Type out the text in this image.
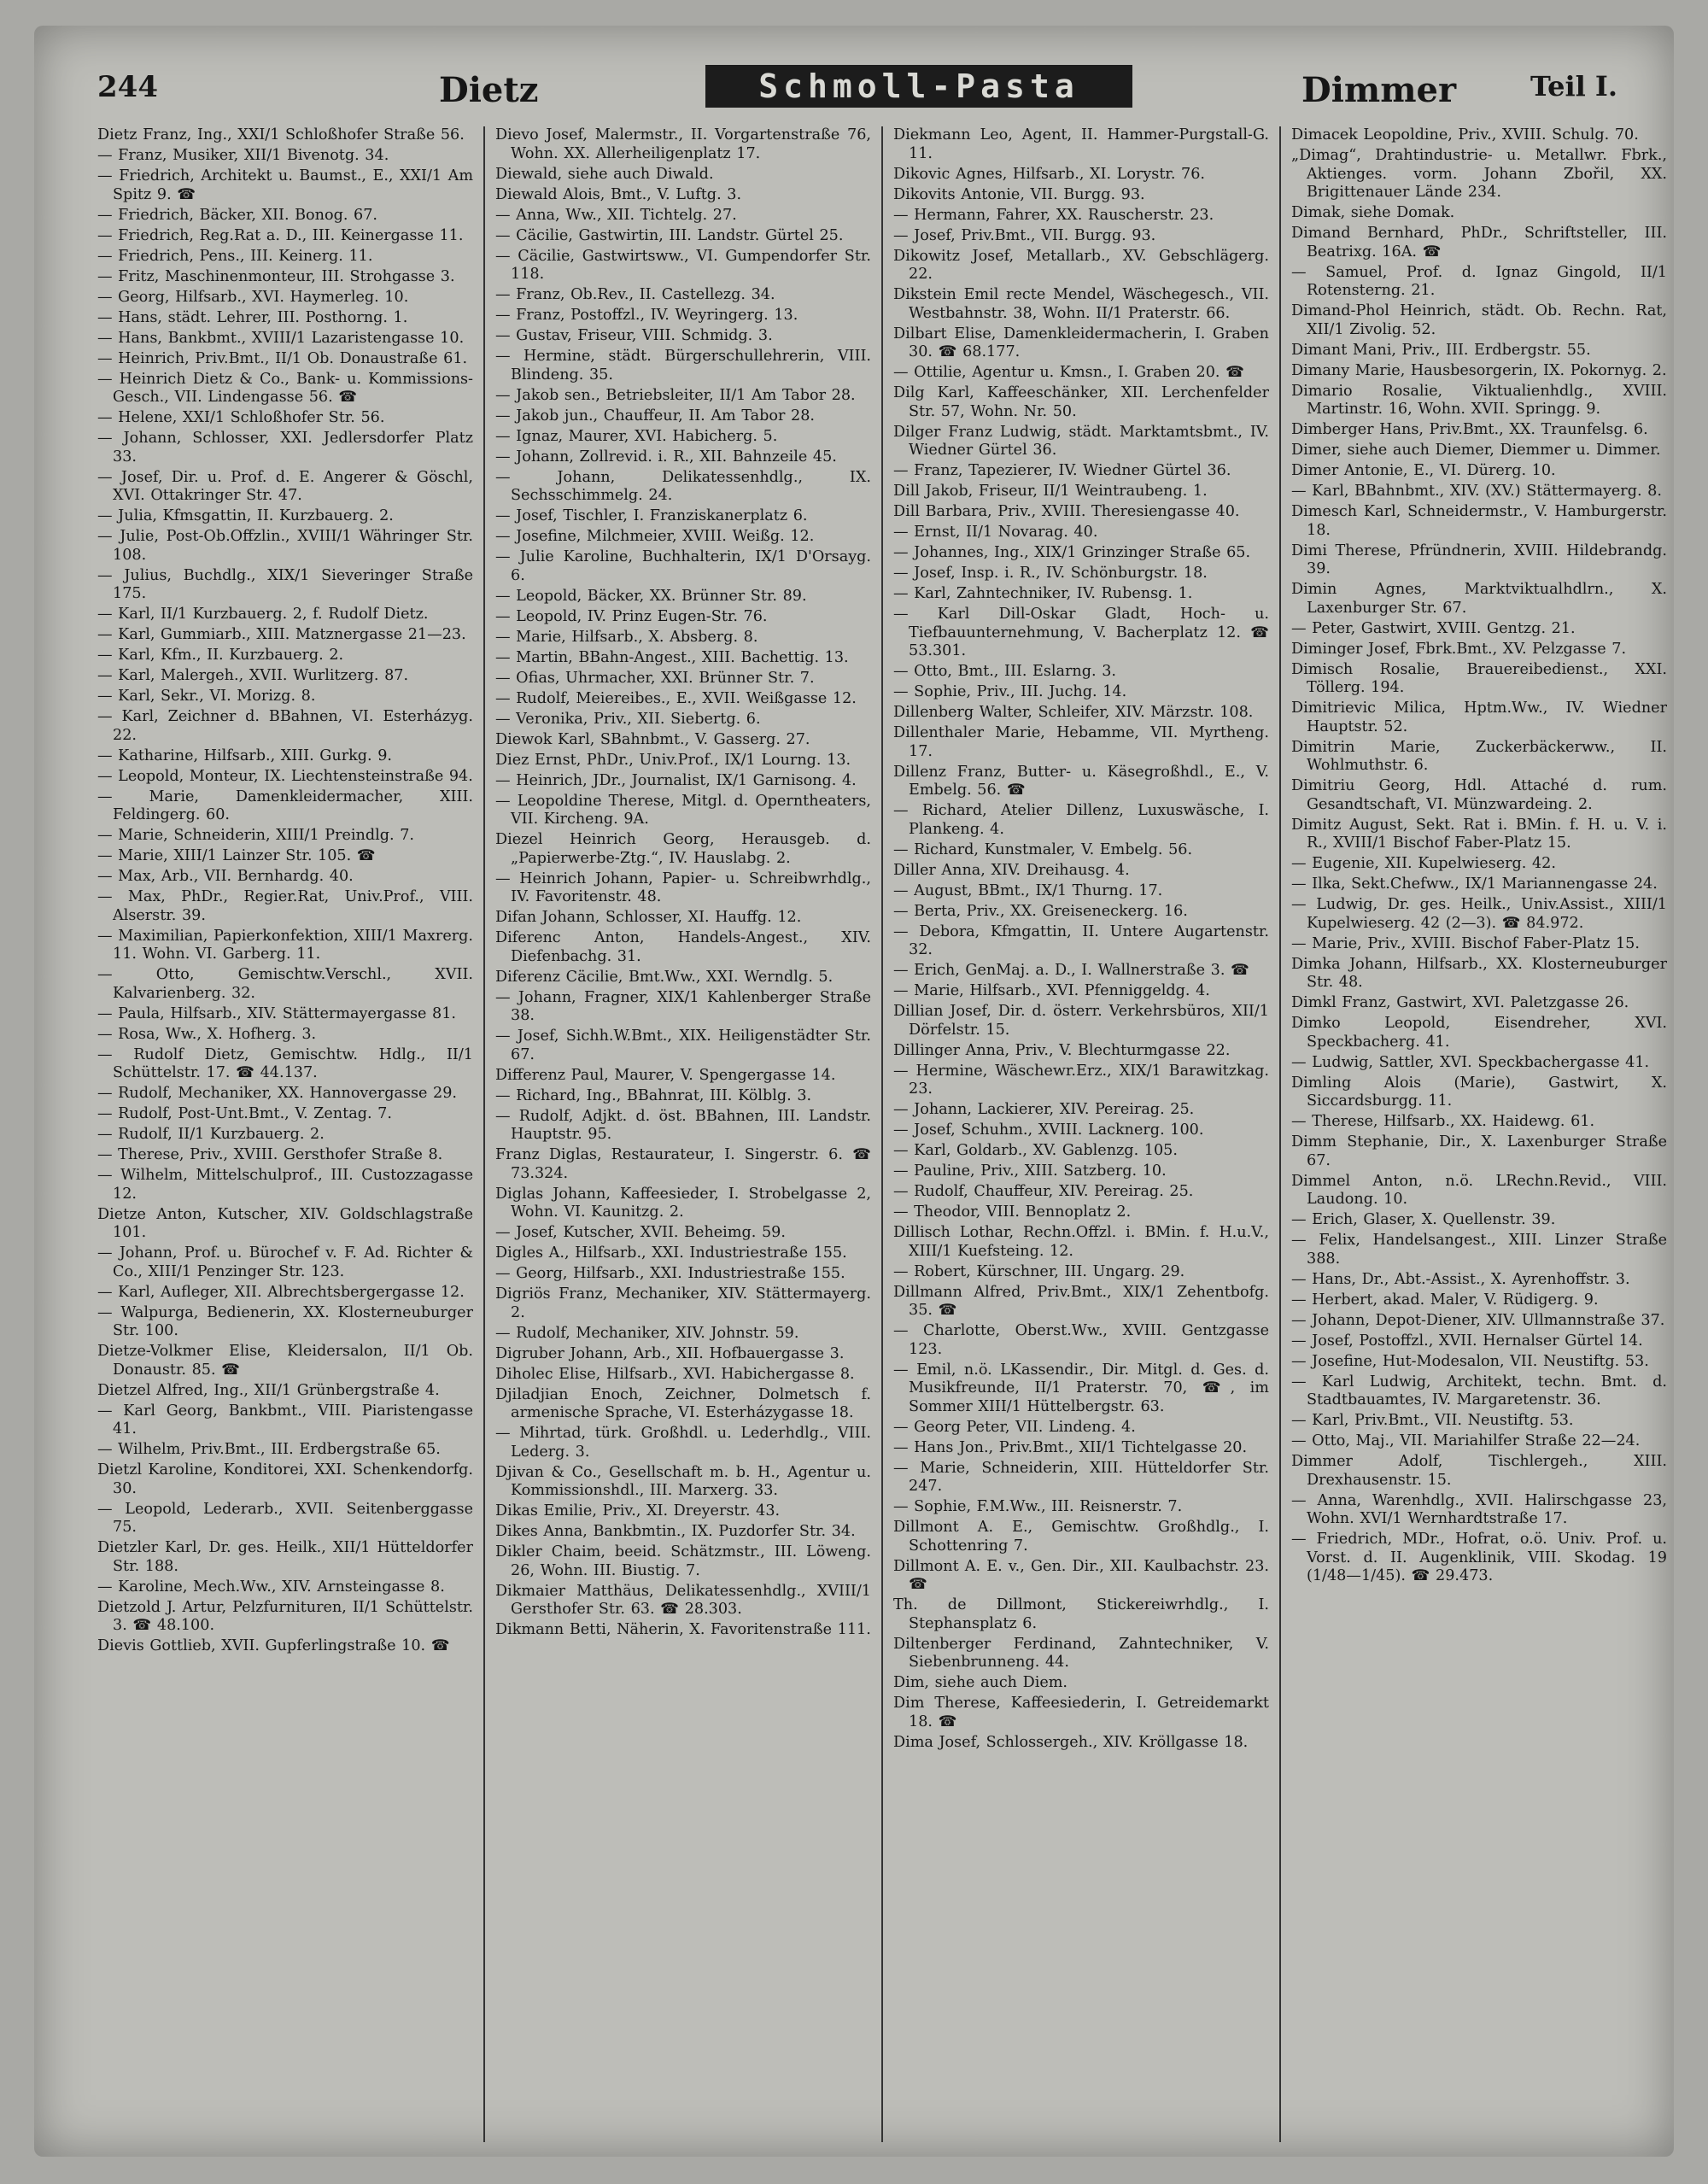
244	Dietz	Schmoll-Pasta	Dimmer	Teil I.
Dietz Franz, Ing., XXI/1 Schloßhofer Straße 56.
— Franz, Musiker, XII/1 Bivenotg. 34.
— Friedrich, Architekt u. Baumst., E., XXI/1 Am Spitz 9. ☎
— Friedrich, Bäcker, XII. Bonog. 67.
— Friedrich, Reg.Rat a. D., III. Keinergasse 11.
— Friedrich, Pens., III. Keinerg. 11.
— Fritz, Maschinenmonteur, III. Strohgasse 3.
— Georg, Hilfsarb., XVI. Haymerleg. 10.
— Hans, städt. Lehrer, III. Posthorng. 1.
— Hans, Bankbmt., XVIII/1 Lazaristengasse 10.
— Heinrich, Priv.Bmt., II/1 Ob. Donaustraße 61.
— Heinrich Dietz & Co., Bank- u. Kommissions-Gesch., VII. Lindengasse 56. ☎
— Helene, XXI/1 Schloßhofer Str. 56.
— Johann, Schlosser, XXI. Jedlersdorfer Platz 33.
— Josef, Dir. u. Prof. d. E. Angerer & Göschl, XVI. Ottakringer Str. 47.
— Julia, Kfmsgattin, II. Kurzbauerg. 2.
— Julie, Post-Ob.Offzlin., XVIII/1 Währinger Str. 108.
— Julius, Buchdlg., XIX/1 Sieveringer Straße 175.
— Karl, II/1 Kurzbauerg. 2, f. Rudolf Dietz.
— Karl, Gummiarb., XIII. Matznergasse 21—23.
— Karl, Kfm., II. Kurzbauerg. 2.
— Karl, Malergeh., XVII. Wurlitzerg. 87.
— Karl, Sekr., VI. Morizg. 8.
— Karl, Zeichner d. BBahnen, VI. Esterházyg. 22.
— Katharine, Hilfsarb., XIII. Gurkg. 9.
— Leopold, Monteur, IX. Liechtensteinstraße 94.
— Marie, Damenkleidermacher, XIII. Feldingerg. 60.
— Marie, Schneiderin, XIII/1 Preindlg. 7.
— Marie, XIII/1 Lainzer Str. 105. ☎
— Max, Arb., VII. Bernhardg. 40.
— Max, PhDr., Regier.Rat, Univ.Prof., VIII. Alserstr. 39.
— Maximilian, Papierkonfektion, XIII/1 Maxrerg. 11. Wohn. VI. Garberg. 11.
— Otto, Gemischtw.Verschl., XVII. Kalvarienberg. 32.
— Paula, Hilfsarb., XIV. Stättermayergasse 81.
— Rosa, Ww., X. Hofherg. 3.
— Rudolf Dietz, Gemischtw. Hdlg., II/1 Schüttelstr. 17. ☎ 44.137.
— Rudolf, Mechaniker, XX. Hannovergasse 29.
— Rudolf, Post-Unt.Bmt., V. Zentag. 7.
— Rudolf, II/1 Kurzbauerg. 2.
— Therese, Priv., XVIII. Gersthofer Straße 8.
— Wilhelm, Mittelschulprof., III. Custozzagasse 12.
Dietze Anton, Kutscher, XIV. Goldschlagstraße 101.
— Johann, Prof. u. Bürochef v. F. Ad. Richter & Co., XIII/1 Penzinger Str. 123.
— Karl, Aufleger, XII. Albrechtsbergergasse 12.
— Walpurga, Bedienerin, XX. Klosterneuburger Str. 100.
Dietze-Volkmer Elise, Kleidersalon, II/1 Ob. Donaustr. 85. ☎
Dietzel Alfred, Ing., XII/1 Grünbergstraße 4.
— Karl Georg, Bankbmt., VIII. Piaristengasse 41.
— Wilhelm, Priv.Bmt., III. Erdbergstraße 65.
Dietzl Karoline, Konditorei, XXI. Schenkendorfg. 30.
— Leopold, Lederarb., XVII. Seitenberggasse 75.
Dietzler Karl, Dr. ges. Heilk., XII/1 Hütteldorfer Str. 188.
— Karoline, Mech.Ww., XIV. Arnsteingasse 8.
Dietzold J. Artur, Pelzfurnituren, II/1 Schüttelstr. 3. ☎ 48.100.
Dievis Gottlieb, XVII. Gupferlingstraße 10. ☎
Dievo Josef, Malermstr., II. Vorgartenstraße 76, Wohn. XX. Allerheiligenplatz 17.
Diewald, siehe auch Diwald.
Diewald Alois, Bmt., V. Luftg. 3.
— Anna, Ww., XII. Tichtelg. 27.
— Cäcilie, Gastwirtin, III. Landstr. Gürtel 25.
— Cäcilie, Gastwirtsww., VI. Gumpendorfer Str. 118.
— Franz, Ob.Rev., II. Castellezg. 34.
— Franz, Postoffzl., IV. Weyringerg. 13.
— Gustav, Friseur, VIII. Schmidg. 3.
— Hermine, städt. Bürgerschullehrerin, VIII. Blindeng. 35.
— Jakob sen., Betriebsleiter, II/1 Am Tabor 28.
— Jakob jun., Chauffeur, II. Am Tabor 28.
— Ignaz, Maurer, XVI. Habicherg. 5.
— Johann, Zollrevid. i. R., XII. Bahnzeile 45.
— Johann, Delikatessenhdlg., IX. Sechsschimmelg. 24.
— Josef, Tischler, I. Franziskanerplatz 6.
— Josefine, Milchmeier, XVIII. Weißg. 12.
— Julie Karoline, Buchhalterin, IX/1 D'Orsayg. 6.
— Leopold, Bäcker, XX. Brünner Str. 89.
— Leopold, IV. Prinz Eugen-Str. 76.
— Marie, Hilfsarb., X. Absberg. 8.
— Martin, BBahn-Angest., XIII. Bachettig. 13.
— Ofias, Uhrmacher, XXI. Brünner Str. 7.
— Rudolf, Meiereibes., E., XVII. Weißgasse 12.
— Veronika, Priv., XII. Siebertg. 6.
Diewok Karl, SBahnbmt., V. Gasserg. 27.
Diez Ernst, PhDr., Univ.Prof., IX/1 Lourng. 13.
— Heinrich, JDr., Journalist, IX/1 Garnisong. 4.
— Leopoldine Therese, Mitgl. d. Operntheaters, VII. Kircheng. 9A.
Diezel Heinrich Georg, Herausgeb. d. „Papierwerbe-Ztg.“, IV. Hauslabg. 2.
— Heinrich Johann, Papier- u. Schreibwrhdlg., IV. Favoritenstr. 48.
Difan Johann, Schlosser, XI. Hauffg. 12.
Diferenc Anton, Handels-Angest., XIV. Diefenbachg. 31.
Diferenz Cäcilie, Bmt.Ww., XXI. Werndlg. 5.
— Johann, Fragner, XIX/1 Kahlenberger Straße 38.
— Josef, Sichh.W.Bmt., XIX. Heiligenstädter Str. 67.
Differenz Paul, Maurer, V. Spengergasse 14.
— Richard, Ing., BBahnrat, III. Kölblg. 3.
— Rudolf, Adjkt. d. öst. BBahnen, III. Landstr. Hauptstr. 95.
Franz Diglas, Restaurateur, I. Singerstr. 6. ☎ 73.324.
Diglas Johann, Kaffeesieder, I. Strobelgasse 2, Wohn. VI. Kaunitzg. 2.
— Josef, Kutscher, XVII. Beheimg. 59.
Digles A., Hilfsarb., XXI. Industriestraße 155.
— Georg, Hilfsarb., XXI. Industriestraße 155.
Digriös Franz, Mechaniker, XIV. Stättermayerg. 2.
— Rudolf, Mechaniker, XIV. Johnstr. 59.
Digruber Johann, Arb., XII. Hofbauergasse 3.
Diholec Elise, Hilfsarb., XVI. Habichergasse 8.
Djiladjian Enoch, Zeichner, Dolmetsch f. armenische Sprache, VI. Esterházygasse 18.
— Mihrtad, türk. Großhdl. u. Lederhdlg., VIII. Lederg. 3.
Djivan & Co., Gesellschaft m. b. H., Agentur u. Kommissionshdl., III. Marxerg. 33.
Dikas Emilie, Priv., XI. Dreyerstr. 43.
Dikes Anna, Bankbmtin., IX. Puzdorfer Str. 34.
Dikler Chaim, beeid. Schätzmstr., III. Löweng. 26, Wohn. III. Biustig. 7.
Dikmaier Matthäus, Delikatessenhdlg., XVIII/1 Gersthofer Str. 63. ☎ 28.303.
Dikmann Betti, Näherin, X. Favoritenstraße 111.
Diekmann Leo, Agent, II. Hammer-Purgstall-G. 11.
Dikovic Agnes, Hilfsarb., XI. Lorystr. 76.
Dikovits Antonie, VII. Burgg. 93.
— Hermann, Fahrer, XX. Rauscherstr. 23.
— Josef, Priv.Bmt., VII. Burgg. 93.
Dikowitz Josef, Metallarb., XV. Gebschlägerg. 22.
Dikstein Emil recte Mendel, Wäschegesch., VII. Westbahnstr. 38, Wohn. II/1 Praterstr. 66.
Dilbart Elise, Damenkleidermacherin, I. Graben 30. ☎ 68.177.
— Ottilie, Agentur u. Kmsn., I. Graben 20. ☎
Dilg Karl, Kaffeeschänker, XII. Lerchenfelder Str. 57, Wohn. Nr. 50.
Dilger Franz Ludwig, städt. Marktamtsbmt., IV. Wiedner Gürtel 36.
— Franz, Tapezierer, IV. Wiedner Gürtel 36.
Dill Jakob, Friseur, II/1 Weintraubeng. 1.
Dill Barbara, Priv., XVIII. Theresiengasse 40.
— Ernst, II/1 Novarag. 40.
— Johannes, Ing., XIX/1 Grinzinger Straße 65.
— Josef, Insp. i. R., IV. Schönburgstr. 18.
— Karl, Zahntechniker, IV. Rubensg. 1.
— Karl Dill-Oskar Gladt, Hoch- u. Tiefbauunternehmung, V. Bacherplatz 12. ☎ 53.301.
— Otto, Bmt., III. Eslarng. 3.
— Sophie, Priv., III. Juchg. 14.
Dillenberg Walter, Schleifer, XIV. Märzstr. 108.
Dillenthaler Marie, Hebamme, VII. Myrtheng. 17.
Dillenz Franz, Butter- u. Käsegroßhdl., E., V. Embelg. 56. ☎
— Richard, Atelier Dillenz, Luxuswäsche, I. Plankeng. 4.
— Richard, Kunstmaler, V. Embelg. 56.
Diller Anna, XIV. Dreihausg. 4.
— August, BBmt., IX/1 Thurng. 17.
— Berta, Priv., XX. Greiseneckerg. 16.
— Debora, Kfmgattin, II. Untere Augartenstr. 32.
— Erich, GenMaj. a. D., I. Wallnerstraße 3. ☎
— Marie, Hilfsarb., XVI. Pfenniggeldg. 4.
Dillian Josef, Dir. d. österr. Verkehrsbüros, XII/1 Dörfelstr. 15.
Dillinger Anna, Priv., V. Blechturmgasse 22.
— Hermine, Wäschewr.Erz., XIX/1 Barawitzkag. 23.
— Johann, Lackierer, XIV. Pereirag. 25.
— Josef, Schuhm., XVIII. Lacknerg. 100.
— Karl, Goldarb., XV. Gablenzg. 105.
— Pauline, Priv., XIII. Satzberg. 10.
— Rudolf, Chauffeur, XIV. Pereirag. 25.
— Theodor, VIII. Bennoplatz 2.
Dillisch Lothar, Rechn.Offzl. i. BMin. f. H.u.V., XIII/1 Kuefsteing. 12.
— Robert, Kürschner, III. Ungarg. 29.
Dillmann Alfred, Priv.Bmt., XIX/1 Zehentbofg. 35. ☎
— Charlotte, Oberst.Ww., XVIII. Gentzgasse 123.
— Emil, n.ö. LKassendir., Dir. Mitgl. d. Ges. d. Musikfreunde, II/1 Praterstr. 70, ☎, im Sommer XIII/1 Hüttelbergstr. 63.
— Georg Peter, VII. Lindeng. 4.
— Hans Jon., Priv.Bmt., XII/1 Tichtelgasse 20.
— Marie, Schneiderin, XIII. Hütteldorfer Str. 247.
— Sophie, F.M.Ww., III. Reisnerstr. 7.
Dillmont A. E., Gemischtw. Großhdlg., I. Schottenring 7.
Dillmont A. E. v., Gen. Dir., XII. Kaulbachstr. 23. ☎
Th. de Dillmont, Stickereiwrhdlg., I. Stephansplatz 6.
Diltenberger Ferdinand, Zahntechniker, V. Siebenbrunneng. 44.
Dim, siehe auch Diem.
Dim Therese, Kaffeesiederin, I. Getreidemarkt 18. ☎
Dima Josef, Schlossergeh., XIV. Kröllgasse 18.
Dimacek Leopoldine, Priv., XVIII. Schulg. 70.
„Dimag“, Drahtindustrie- u. Metallwr. Fbrk., Aktienges. vorm. Johann Zbořil, XX. Brigittenauer Lände 234.
Dimak, siehe Domak.
Dimand Bernhard, PhDr., Schriftsteller, III. Beatrixg. 16A. ☎
— Samuel, Prof. d. Ignaz Gingold, II/1 Rotensterng. 21.
Dimand-Phol Heinrich, städt. Ob. Rechn. Rat, XII/1 Zivolig. 52.
Dimant Mani, Priv., III. Erdbergstr. 55.
Dimany Marie, Hausbesorgerin, IX. Pokornyg. 2.
Dimario Rosalie, Viktualienhdlg., XVIII. Martinstr. 16, Wohn. XVII. Springg. 9.
Dimberger Hans, Priv.Bmt., XX. Traunfelsg. 6.
Dimer, siehe auch Diemer, Diemmer u. Dimmer.
Dimer Antonie, E., VI. Dürerg. 10.
— Karl, BBahnbmt., XIV. (XV.) Stättermayerg. 8.
Dimesch Karl, Schneidermstr., V. Hamburgerstr. 18.
Dimi Therese, Pfründnerin, XVIII. Hildebrandg. 39.
Dimin Agnes, Marktviktualhdlrn., X. Laxenburger Str. 67.
— Peter, Gastwirt, XVIII. Gentzg. 21.
Diminger Josef, Fbrk.Bmt., XV. Pelzgasse 7.
Dimisch Rosalie, Brauereibedienst., XXI. Töllerg. 194.
Dimitrievic Milica, Hptm.Ww., IV. Wiedner Hauptstr. 52.
Dimitrin Marie, Zuckerbäckerww., II. Wohlmuthstr. 6.
Dimitriu Georg, Hdl. Attaché d. rum. Gesandtschaft, VI. Münzwardeing. 2.
Dimitz August, Sekt. Rat i. BMin. f. H. u. V. i. R., XVIII/1 Bischof Faber-Platz 15.
— Eugenie, XII. Kupelwieserg. 42.
— Ilka, Sekt.Chefww., IX/1 Mariannengasse 24.
— Ludwig, Dr. ges. Heilk., Univ.Assist., XIII/1 Kupelwieserg. 42 (2—3). ☎ 84.972.
— Marie, Priv., XVIII. Bischof Faber-Platz 15.
Dimka Johann, Hilfsarb., XX. Klosterneuburger Str. 48.
Dimkl Franz, Gastwirt, XVI. Paletzgasse 26.
Dimko Leopold, Eisendreher, XVI. Speckbacherg. 41.
— Ludwig, Sattler, XVI. Speckbachergasse 41.
Dimling Alois (Marie), Gastwirt, X. Siccardsburgg. 11.
— Therese, Hilfsarb., XX. Haidewg. 61.
Dimm Stephanie, Dir., X. Laxenburger Straße 67.
Dimmel Anton, n.ö. LRechn.Revid., VIII. Laudong. 10.
— Erich, Glaser, X. Quellenstr. 39.
— Felix, Handelsangest., XIII. Linzer Straße 388.
— Hans, Dr., Abt.-Assist., X. Ayrenhoffstr. 3.
— Herbert, akad. Maler, V. Rüdigerg. 9.
— Johann, Depot-Diener, XIV. Ullmannstraße 37.
— Josef, Postoffzl., XVII. Hernalser Gürtel 14.
— Josefine, Hut-Modesalon, VII. Neustiftg. 53.
— Karl Ludwig, Architekt, techn. Bmt. d. Stadtbauamtes, IV. Margaretenstr. 36.
— Karl, Priv.Bmt., VII. Neustiftg. 53.
— Otto, Maj., VII. Mariahilfer Straße 22—24.
Dimmer Adolf, Tischlergeh., XIII. Drexhausenstr. 15.
— Anna, Warenhdlg., XVII. Halirschgasse 23, Wohn. XVI/1 Wernhardtstraße 17.
— Friedrich, MDr., Hofrat, o.ö. Univ. Prof. u. Vorst. d. II. Augenklinik, VIII. Skodag. 19 (1/48—1/45). ☎ 29.473.
